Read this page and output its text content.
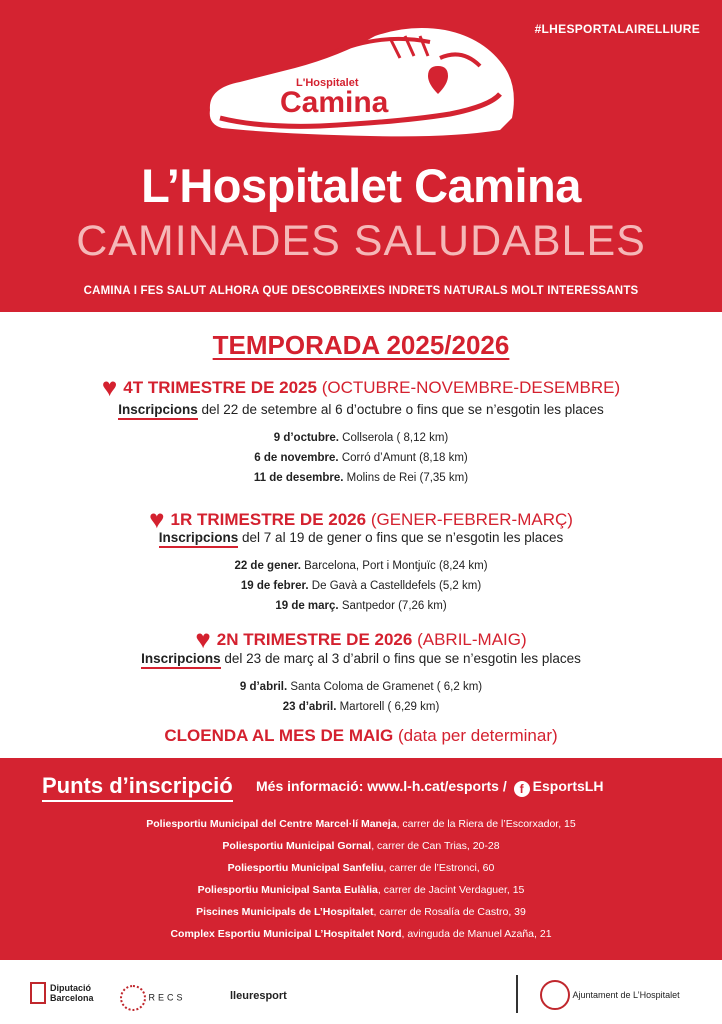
#LHESPORTALAIRELLIURE
L'Hospitalet
Camina
L’Hospitalet Camina
CAMINADES SALUDABLES
CAMINA I FES SALUT ALHORA QUE DESCOBREIXES INDRETS NATURALS MOLT INTERESSANTS
TEMPORADA 2025/2026
♥ 4T TRIMESTRE DE 2025 (OCTUBRE-NOVEMBRE-DESEMBRE)
Inscripcions del 22 de setembre al 6 d’octubre o fins que se n’esgotin les places
9 d’octubre. Collserola ( 8,12 km)
6 de novembre. Corró d’Amunt (8,18 km)
11 de desembre. Molins de Rei (7,35 km)
♥ 1R TRIMESTRE DE 2026 (GENER-FEBRER-MARÇ)
Inscripcions del 7 al 19 de gener o fins que se n’esgotin les places
22 de gener. Barcelona, Port i Montjuïc (8,24 km)
19 de febrer. De Gavà a Castelldefels (5,2 km)
19 de març. Santpedor (7,26 km)
♥ 2N TRIMESTRE DE 2026 (ABRIL-MAIG)
Inscripcions del 23 de març al 3 d’abril o fins que se n’esgotin les places
9 d’abril. Santa Coloma de Gramenet ( 6,2 km)
23 d’abril. Martorell ( 6,29 km)
CLOENDA AL MES DE MAIG (data per determinar)
Punts d’inscripció Més informació: www.l-h.cat/esports / f EsportsLH
Poliesportiu Municipal del Centre Marcel·lí Maneja, carrer de la Riera de l’Escorxador, 15
Poliesportiu Municipal Gornal, carrer de Can Trias, 20-28
Poliesportiu Municipal Sanfeliu, carrer de l’Estronci, 60
Poliesportiu Municipal Santa Eulàlia, carrer de Jacint Verdaguer, 15
Piscines Municipals de L’Hospitalet, carrer de Rosalía de Castro, 39
Complex Esportiu Municipal L’Hospitalet Nord, avinguda de Manuel Azaña, 21
Diputació
Barcelona	RECS	lleuresport	Ajuntament de L’Hospitalet
